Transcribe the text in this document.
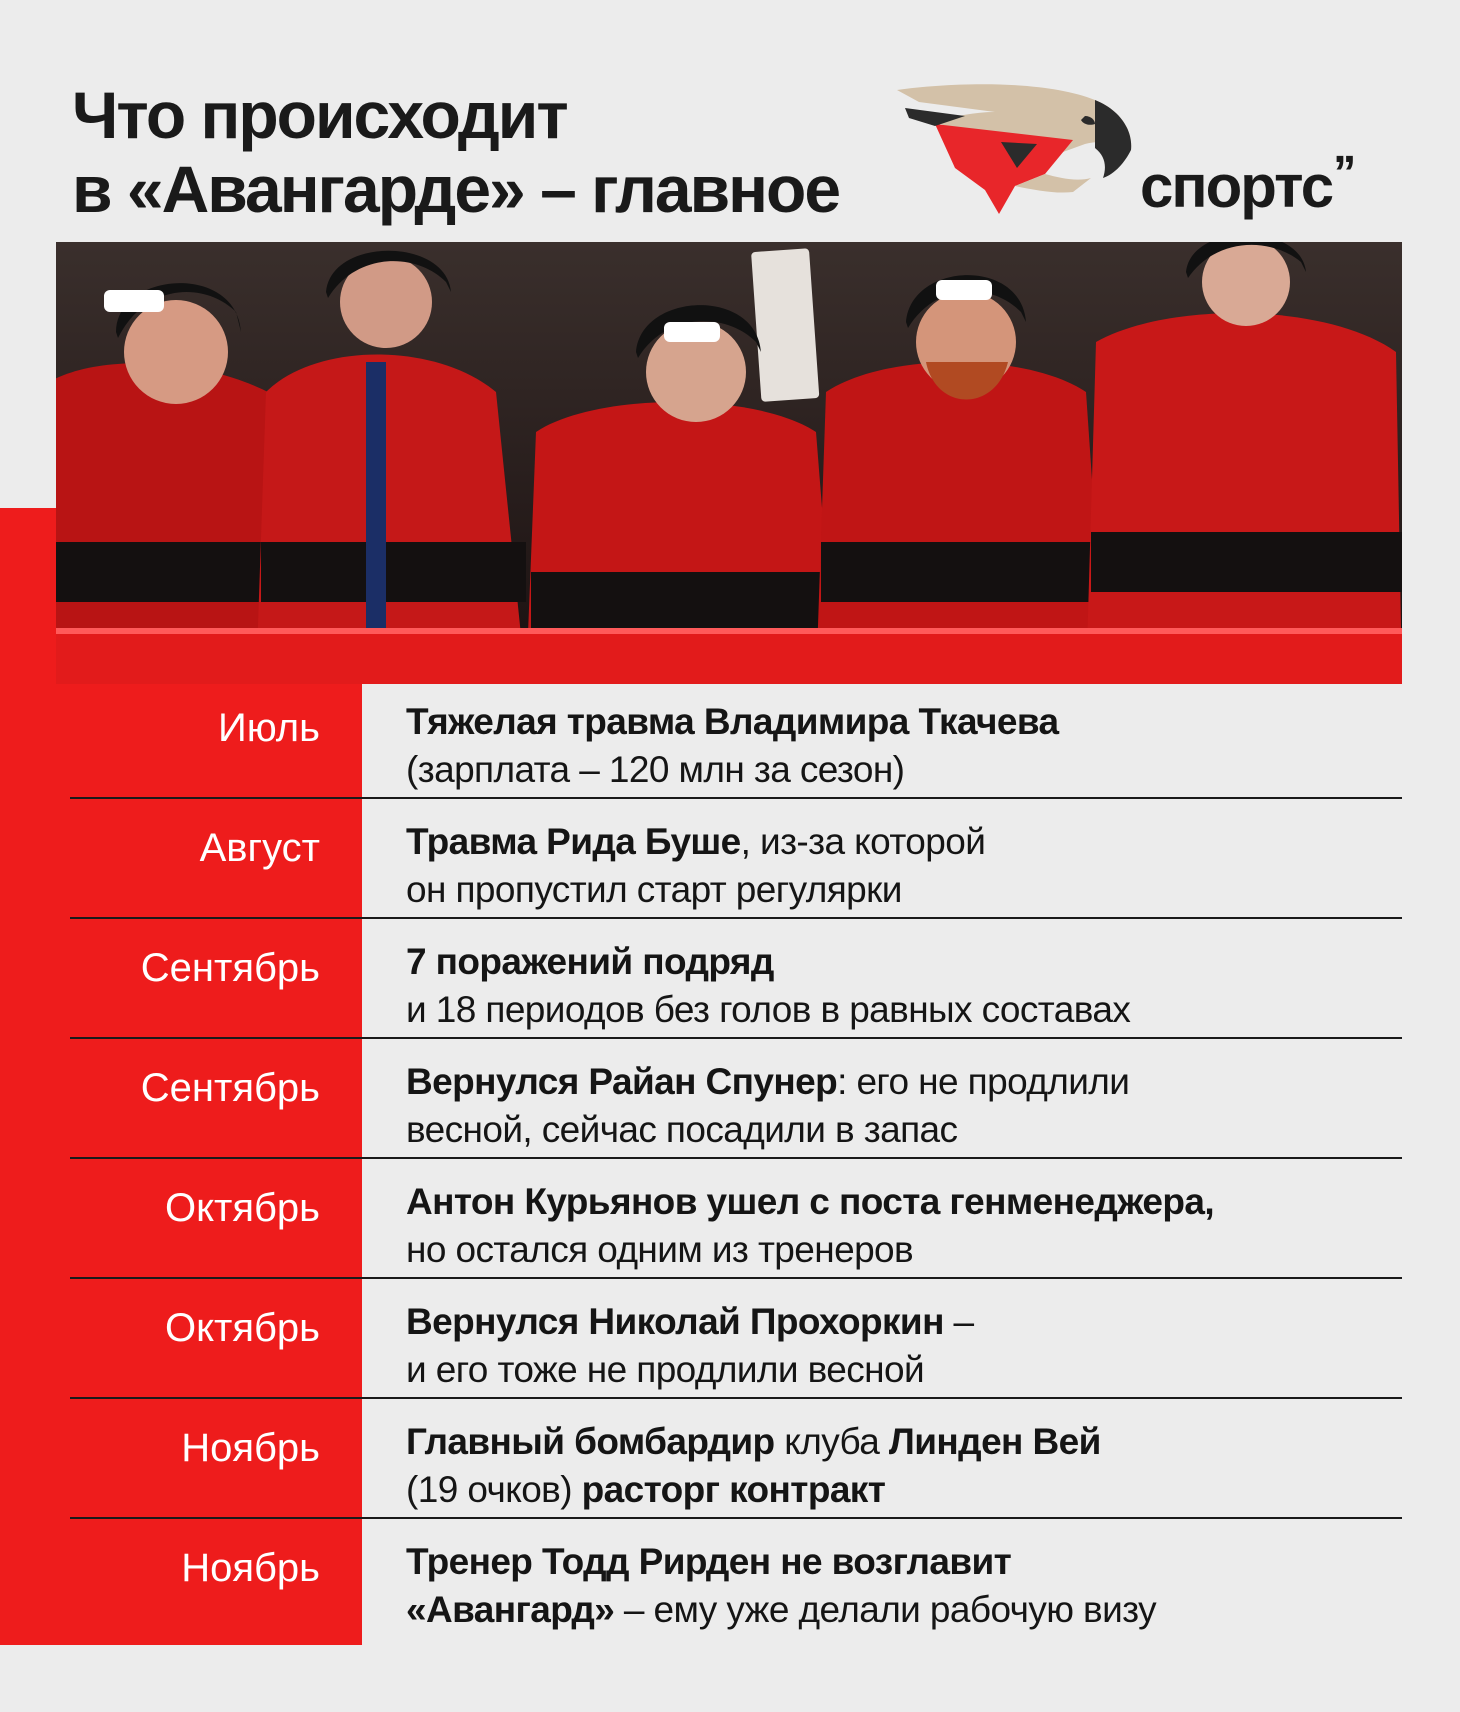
Что происходит
в «Авангарде» – главное	спортс ’’
Июль Тяжелая травма Владимира Ткачева
(зарплата – 120 млн за сезон)
Август Травма Рида Буше, из-за которой
он пропустил старт регулярки
Сентябрь 7 поражений подряд
и 18 периодов без голов в равных составах
Сентябрь Вернулся Райан Спунер: его не продлили
весной, сейчас посадили в запас
Октябрь Антон Курьянов ушел с поста генменеджера,
но остался одним из тренеров
Октябрь Вернулся Николай Прохоркин –
и его тоже не продлили весной
Ноябрь Главный бомбардир клуба Линден Вей
(19 очков) расторг контракт
Ноябрь Тренер Тодд Рирден не возглавит
«Авангард» – ему уже делали рабочую визу
